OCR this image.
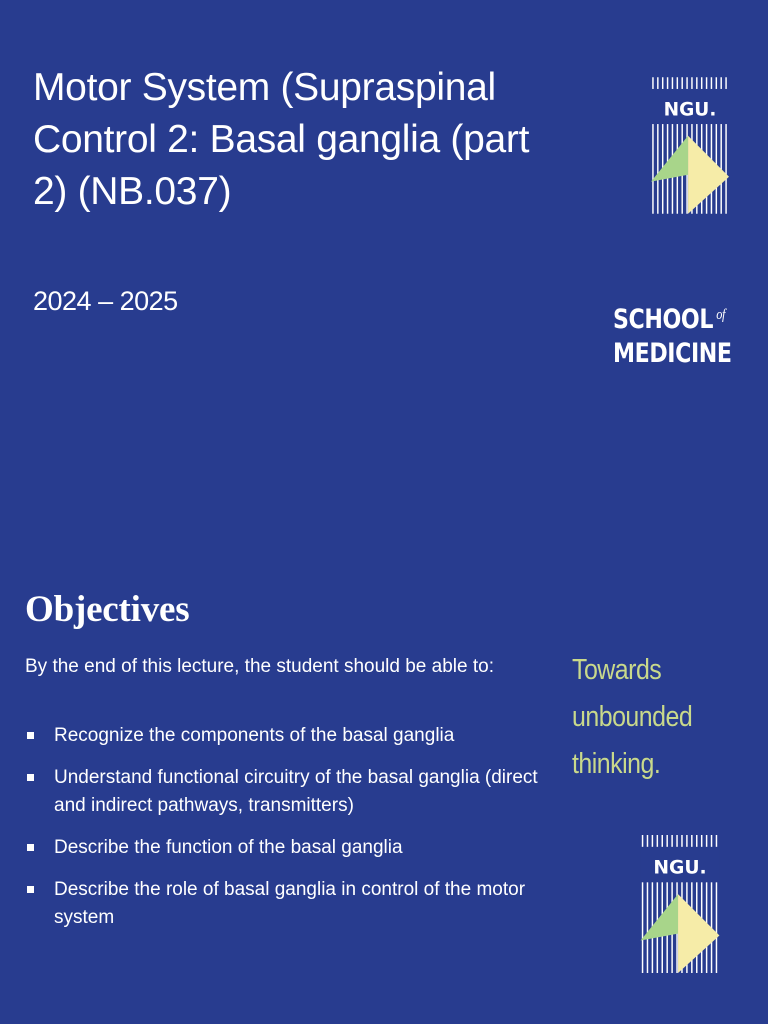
Motor System (Supraspinal Control 2: Basal ganglia (part 2) (NB.037)
2024 – 2025
NGU.
SCHOOL $^{of}$
MEDICINE
Objectives

By the end of this lecture, the student should be able to:

Recognize the components of the basal ganglia
Understand functional circuitry of the basal ganglia (direct and indirect pathways, transmitters)
Describe the function of the basal ganglia
Describe the role of basal ganglia in control of the motor system
Towards
unbounded
thinking.
NGU.
